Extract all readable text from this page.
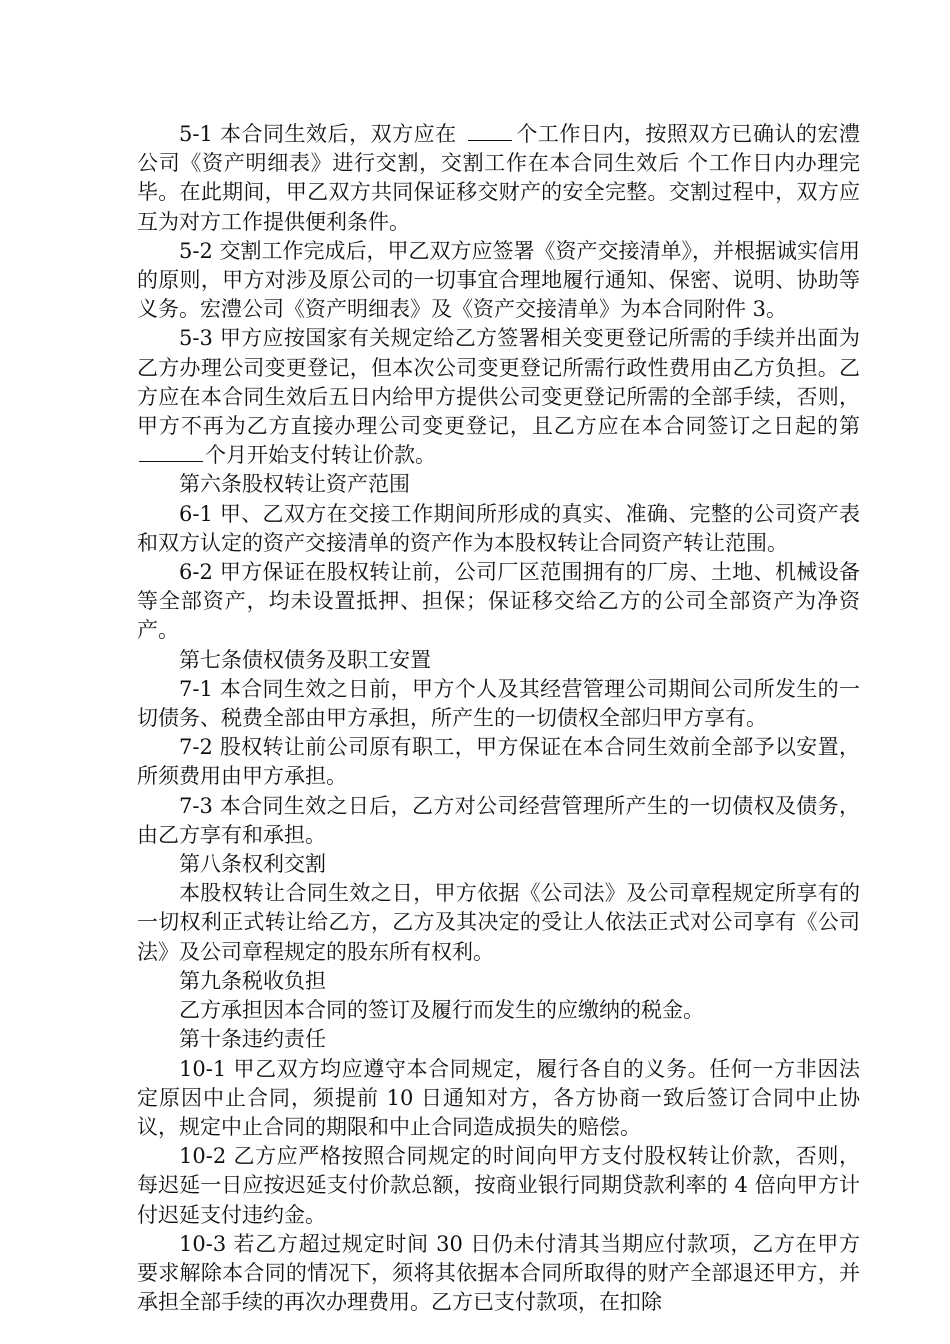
5-1 本合同生效后，双方应在 个工作日内，按照双方已确认的宏澧公司《资产明细表》进行交割，交割工作在本合同生效后 个工作日内办理完毕。在此期间，甲乙双方共同保证移交财产的安全完整。交割过程中，双方应互为对方工作提供便利条件。

5-2 交割工作完成后，甲乙双方应签署《资产交接清单》，并根据诚实信用的原则，甲方对涉及原公司的一切事宜合理地履行通知、保密、说明、协助等义务。宏澧公司《资产明细表》及《资产交接清单》为本合同附件 3。

5-3 甲方应按国家有关规定给乙方签署相关变更登记所需的手续并出面为乙方办理公司变更登记，但本次公司变更登记所需行政性费用由乙方负担。乙方应在本合同生效后五日内给甲方提供公司变更登记所需的全部手续，否则，甲方不再为乙方直接办理公司变更登记，且乙方应在本合同签订之日起的第个月开始支付转让价款。

第六条股权转让资产范围

6-1 甲、乙双方在交接工作期间所形成的真实、准确、完整的公司资产表和双方认定的资产交接清单的资产作为本股权转让合同资产转让范围。

6-2 甲方保证在股权转让前，公司厂区范围拥有的厂房、土地、机械设备等全部资产，均未设置抵押、担保；保证移交给乙方的公司全部资产为净资产。

第七条债权债务及职工安置

7-1 本合同生效之日前，甲方个人及其经营管理公司期间公司所发生的一切债务、税费全部由甲方承担，所产生的一切债权全部归甲方享有。

7-2 股权转让前公司原有职工，甲方保证在本合同生效前全部予以安置，所须费用由甲方承担。

7-3 本合同生效之日后，乙方对公司经营管理所产生的一切债权及债务，由乙方享有和承担。

第八条权利交割

本股权转让合同生效之日，甲方依据《公司法》及公司章程规定所享有的一切权利正式转让给乙方，乙方及其决定的受让人依法正式对公司享有《公司法》及公司章程规定的股东所有权利。

第九条税收负担

乙方承担因本合同的签订及履行而发生的应缴纳的税金。

第十条违约责任

10-1 甲乙双方均应遵守本合同规定，履行各自的义务。任何一方非因法定原因中止合同，须提前 10 日通知对方，各方协商一致后签订合同中止协议，规定中止合同的期限和中止合同造成损失的赔偿。

10-2 乙方应严格按照合同规定的时间向甲方支付股权转让价款，否则，每迟延一日应按迟延支付价款总额，按商业银行同期贷款利率的 4 倍向甲方计付迟延支付违约金。

10-3 若乙方超过规定时间 30 日仍未付清其当期应付款项，乙方在甲方要求解除本合同的情况下，须将其依据本合同所取得的财产全部退还甲方，并承担全部手续的再次办理费用。乙方已支付款项，在扣除
